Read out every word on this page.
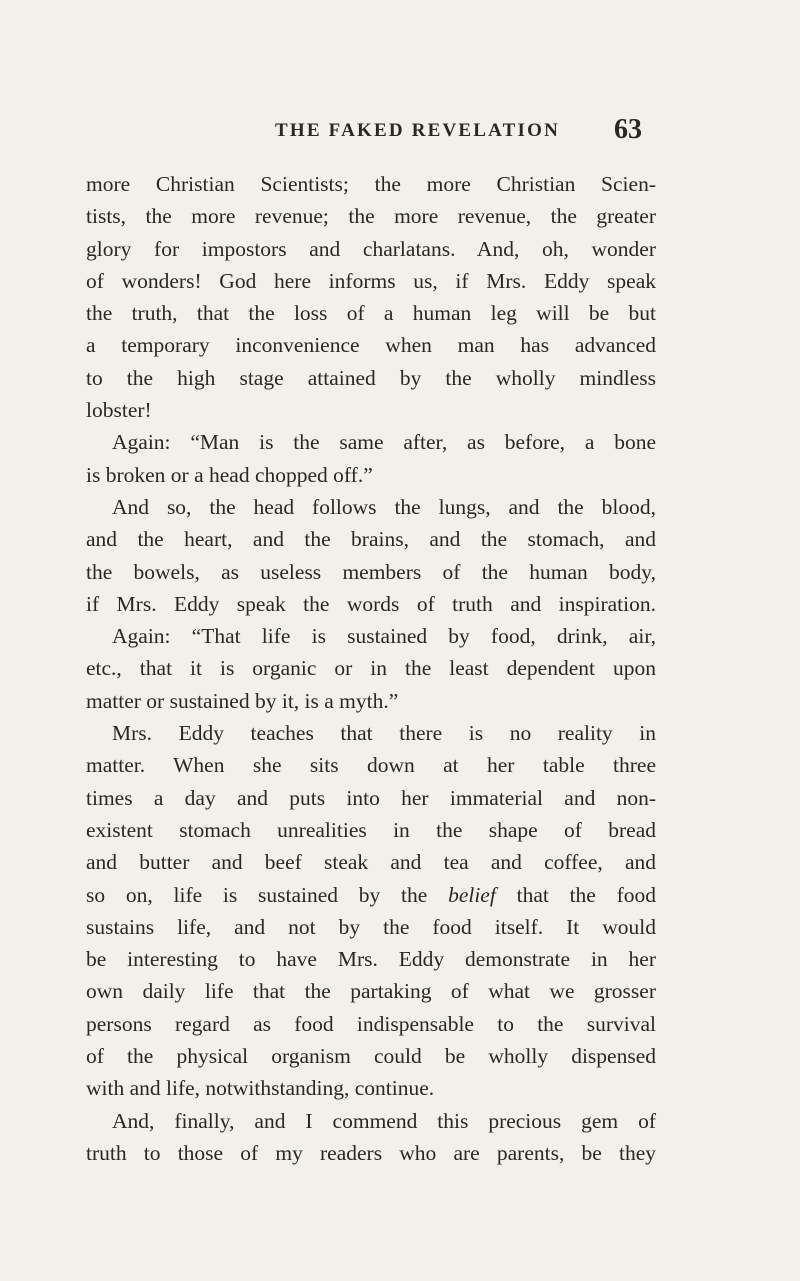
THE FAKED REVELATION 63
more Christian Scientists; the more Christian Scien-
tists, the more revenue; the more revenue, the greater
glory for impostors and charlatans. And, oh, wonder
of wonders! God here informs us, if Mrs. Eddy speak
the truth, that the loss of a human leg will be but
a temporary inconvenience when man has advanced
to the high stage attained by the wholly mindless
lobster!
Again: “Man is the same after, as before, a bone
is broken or a head chopped off.”
And so, the head follows the lungs, and the blood,
and the heart, and the brains, and the stomach, and
the bowels, as useless members of the human body,
if Mrs. Eddy speak the words of truth and inspiration.
Again: “That life is sustained by food, drink, air,
etc., that it is organic or in the least dependent upon
matter or sustained by it, is a myth.”
Mrs. Eddy teaches that there is no reality in
matter. When she sits down at her table three
times a day and puts into her immaterial and non-
existent stomach unrealities in the shape of bread
and butter and beef steak and tea and coffee, and
so on, life is sustained by the belief that the food
sustains life, and not by the food itself. It would
be interesting to have Mrs. Eddy demonstrate in her
own daily life that the partaking of what we grosser
persons regard as food indispensable to the survival
of the physical organism could be wholly dispensed
with and life, notwithstanding, continue.
And, finally, and I commend this precious gem of
truth to those of my readers who are parents, be they
